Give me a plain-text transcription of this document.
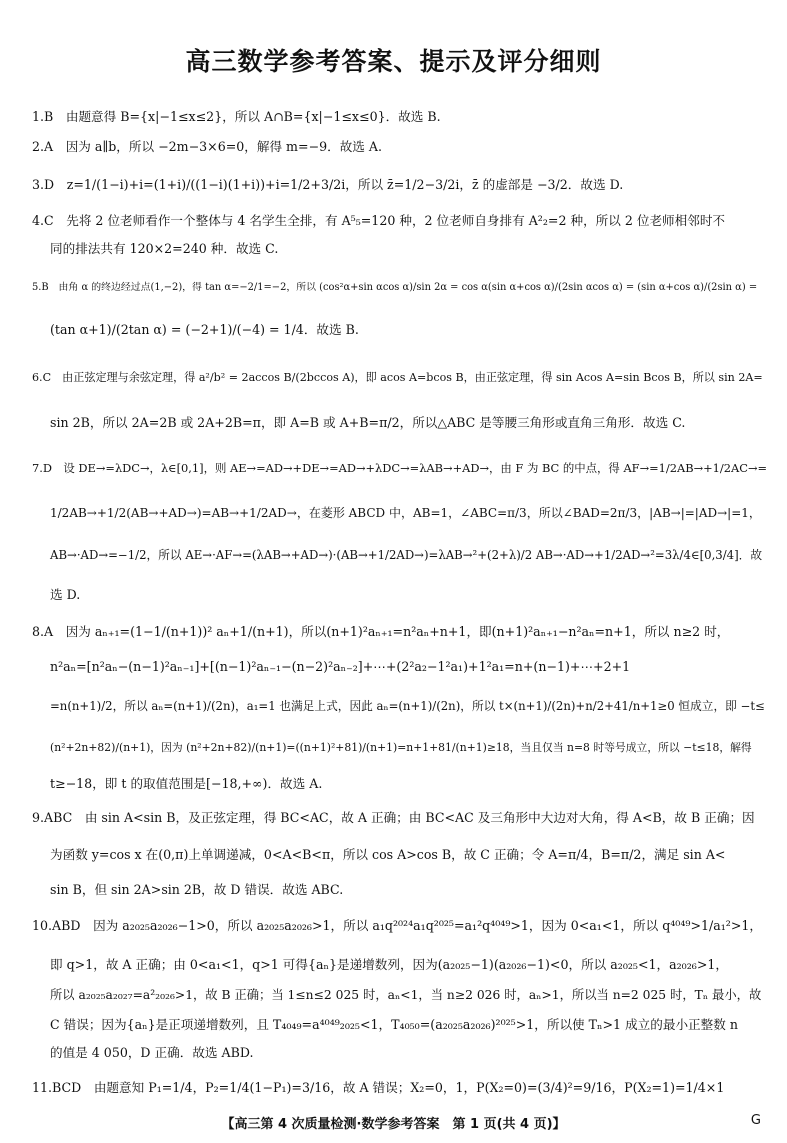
高三数学参考答案、提示及评分细则
1.B　由题意得 B={x|−1≤x≤2}，所以 A∩B={x|−1≤x≤0}．故选 B.
2.A　因为 a∥b，所以 −2m−3×6=0，解得 m=−9．故选 A.
3.D　z=1/(1−i)+i=(1+i)/((1−i)(1+i))+i=1/2+3/2i，所以 z̄=1/2−3/2i，z̄ 的虚部是 −3/2．故选 D.
4.C　先将 2 位老师看作一个整体与 4 名学生全排，有 A⁵₅=120 种，2 位老师自身排有 A²₂=2 种，所以 2 位老师相邻时不
同的排法共有 120×2=240 种．故选 C.
5.B　由角 α 的终边经过点(1,−2)，得 tan α=−2/1=−2，所以 (cos²α+sin αcos α)/sin 2α = cos α(sin α+cos α)/(2sin αcos α) = (sin α+cos α)/(2sin α) =
(tan α+1)/(2tan α) = (−2+1)/(−4) = 1/4．故选 B.
6.C　由正弦定理与余弦定理，得 a²/b² = 2accos B/(2bccos A)，即 acos A=bcos B，由正弦定理，得 sin Acos A=sin Bcos B，所以 sin 2A=
sin 2B，所以 2A=2B 或 2A+2B=π，即 A=B 或 A+B=π/2，所以△ABC 是等腰三角形或直角三角形．故选 C.
7.D　设 DE→=λDC→，λ∈[0,1]，则 AE→=AD→+DE→=AD→+λDC→=λAB→+AD→，由 F 为 BC 的中点，得 AF→=1/2AB→+1/2AC→=
1/2AB→+1/2(AB→+AD→)=AB→+1/2AD→，在菱形 ABCD 中，AB=1，∠ABC=π/3，所以∠BAD=2π/3，|AB→|=|AD→|=1，
AB→·AD→=−1/2，所以 AE→·AF→=(λAB→+AD→)·(AB→+1/2AD→)=λAB→²+(2+λ)/2 AB→·AD→+1/2AD→²=3λ/4∈[0,3/4]．故
选 D.
8.A　因为 aₙ₊₁=(1−1/(n+1))² aₙ+1/(n+1)，所以(n+1)²aₙ₊₁=n²aₙ+n+1，即(n+1)²aₙ₊₁−n²aₙ=n+1，所以 n≥2 时，
n²aₙ=[n²aₙ−(n−1)²aₙ₋₁]+[(n−1)²aₙ₋₁−(n−2)²aₙ₋₂]+⋯+(2²a₂−1²a₁)+1²a₁=n+(n−1)+⋯+2+1
=n(n+1)/2，所以 aₙ=(n+1)/(2n)，a₁=1 也满足上式，因此 aₙ=(n+1)/(2n)，所以 t×(n+1)/(2n)+n/2+41/n+1≥0 恒成立，即 −t≤
(n²+2n+82)/(n+1)，因为 (n²+2n+82)/(n+1)=((n+1)²+81)/(n+1)=n+1+81/(n+1)≥18，当且仅当 n=8 时等号成立，所以 −t≤18，解得
t≥−18，即 t 的取值范围是[−18,+∞)．故选 A.
9.ABC　由 sin A<sin B，及正弦定理，得 BC<AC，故 A 正确；由 BC<AC 及三角形中大边对大角，得 A<B，故 B 正确；因
为函数 y=cos x 在(0,π)上单调递减，0<A<B<π，所以 cos A>cos B，故 C 正确；令 A=π/4，B=π/2，满足 sin A<
sin B，但 sin 2A>sin 2B，故 D 错误．故选 ABC.
10.ABD　因为 a₂₀₂₅a₂₀₂₆−1>0，所以 a₂₀₂₅a₂₀₂₆>1，所以 a₁q²⁰²⁴a₁q²⁰²⁵=a₁²q⁴⁰⁴⁹>1，因为 0<a₁<1，所以 q⁴⁰⁴⁹>1/a₁²>1，
即 q>1，故 A 正确；由 0<a₁<1，q>1 可得{aₙ}是递增数列，因为(a₂₀₂₅−1)(a₂₀₂₆−1)<0，所以 a₂₀₂₅<1，a₂₀₂₆>1，
所以 a₂₀₂₅a₂₀₂₇=a²₂₀₂₆>1，故 B 正确；当 1≤n≤2 025 时，aₙ<1，当 n≥2 026 时，aₙ>1，所以当 n=2 025 时，Tₙ 最小，故
C 错误；因为{aₙ}是正项递增数列，且 T₄₀₄₉=a⁴⁰⁴⁹₂₀₂₅<1，T₄₀₅₀=(a₂₀₂₅a₂₀₂₆)²⁰²⁵>1，所以使 Tₙ>1 成立的最小正整数 n
的值是 4 050，D 正确．故选 ABD.
11.BCD　由题意知 P₁=1/4，P₂=1/4(1−P₁)=3/16，故 A 错误；X₂=0，1，P(X₂=0)=(3/4)²=9/16，P(X₂=1)=1/4×1
【高三第 4 次质量检测·数学参考答案　第 1 页(共 4 页)】	G
